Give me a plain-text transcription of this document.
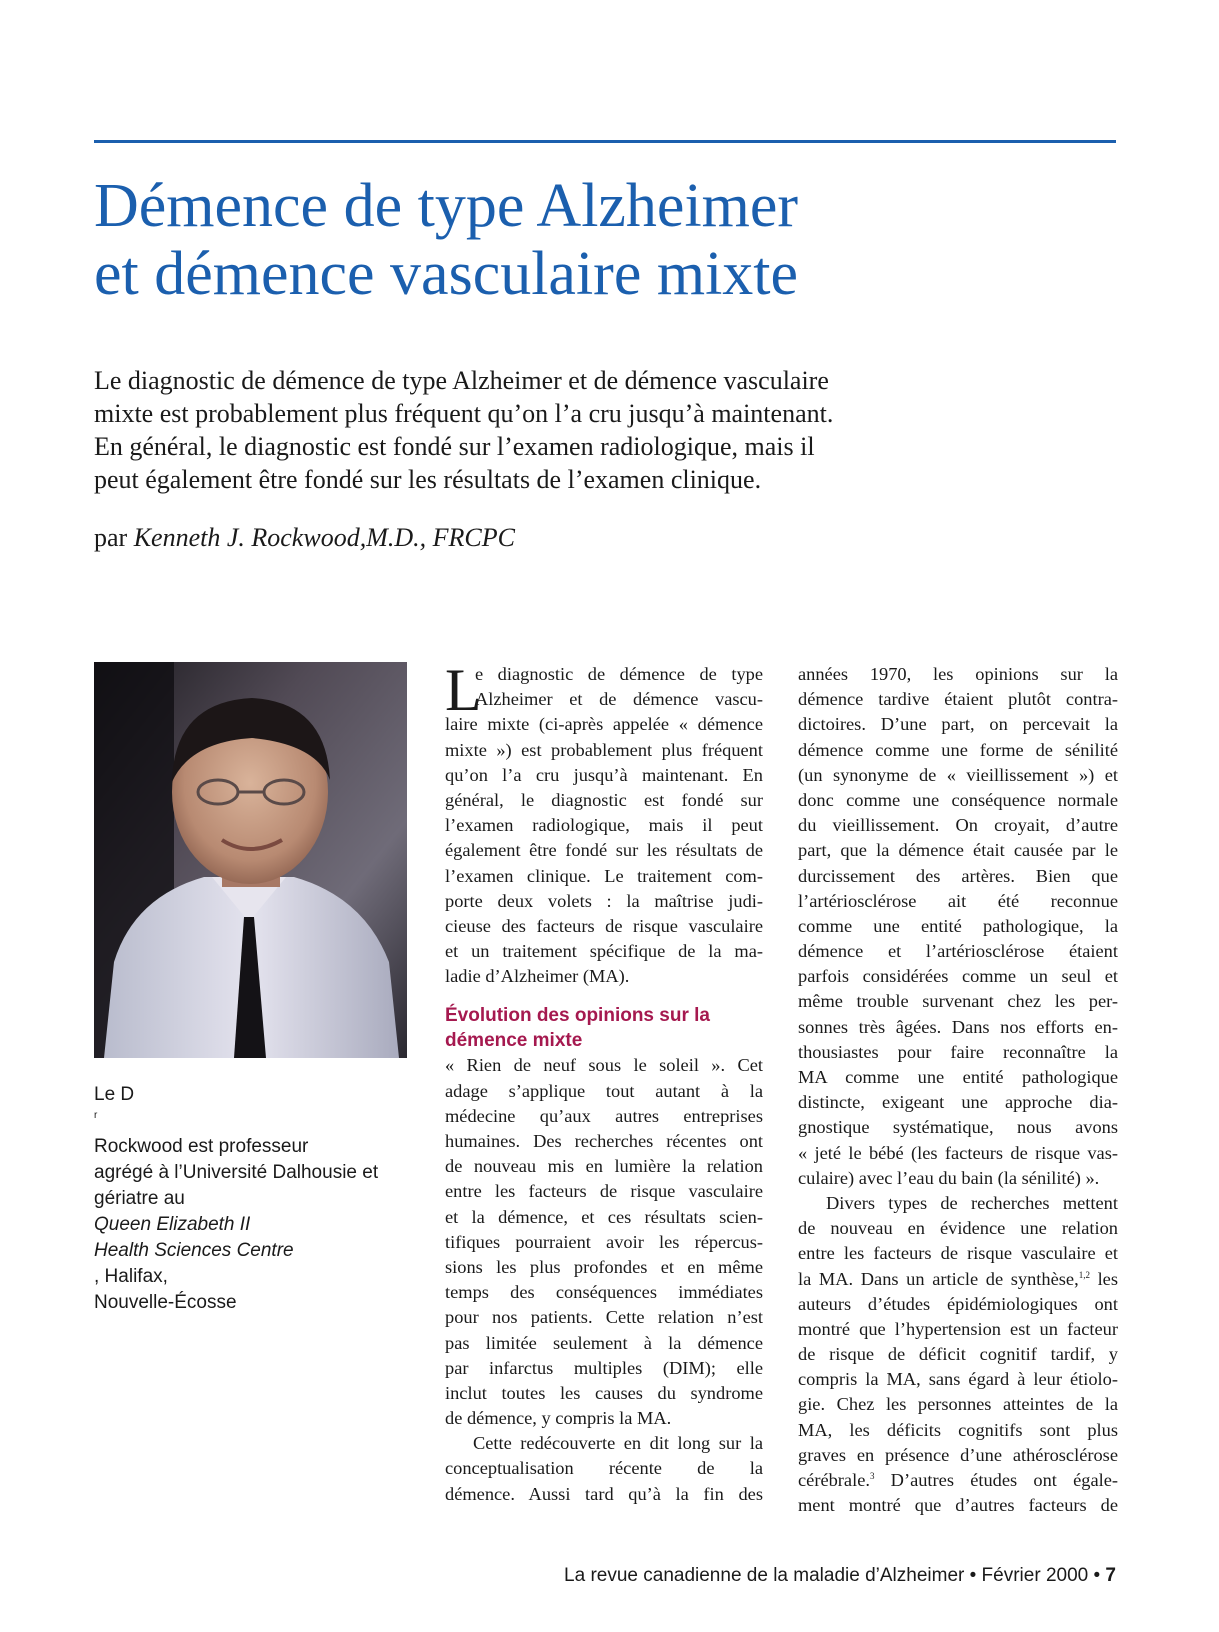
Démence de type Alzheimer
et démence vasculaire mixte

Le diagnostic de démence de type Alzheimer et de démence vasculaire
mixte est probablement plus fréquent qu’on l’a cru jusqu’à maintenant.
En général, le diagnostic est fondé sur l’examen radiologique, mais il
peut également être fondé sur les résultats de l’examen clinique.

par Kenneth J. Rockwood,M.D., FRCPC

Le D
$^r$
Rockwood est professeur
agrégé à l’Université Dalhousie et
gériatre au
Queen Elizabeth II
Health Sciences Centre
, Halifax,
Nouvelle-Écosse

L
e diagnostic de démence de type
Alzheimer et de démence vascu-
laire mixte (ci-après appelée « démence
mixte ») est probablement plus fréquent
qu’on l’a cru jusqu’à maintenant. En
général, le diagnostic est fondé sur
l’examen radiologique, mais il peut
également être fondé sur les résultats de
l’examen clinique. Le traitement com-
porte deux volets : la maîtrise judi-
cieuse des facteurs de risque vasculaire
et un traitement spécifique de la ma-
ladie d’Alzheimer (MA).
Évolution des opinions sur la
démence mixte
« Rien de neuf sous le soleil ». Cet
adage s’applique tout autant à la
médecine qu’aux autres entreprises
humaines. Des recherches récentes ont
de nouveau mis en lumière la relation
entre les facteurs de risque vasculaire
et la démence, et ces résultats scien-
tifiques pourraient avoir les répercus-
sions les plus profondes et en même
temps des conséquences immédiates
pour nos patients. Cette relation n’est
pas limitée seulement à la démence
par infarctus multiples (DIM); elle
inclut toutes les causes du syndrome
de démence, y compris la MA.
Cette redécouverte en dit long sur la
conceptualisation récente de la
démence. Aussi tard qu’à la fin des
années 1970, les opinions sur la
démence tardive étaient plutôt contra-
dictoires. D’une part, on percevait la
démence comme une forme de sénilité
(un synonyme de « vieillissement ») et
donc comme une conséquence normale
du vieillissement. On croyait, d’autre
part, que la démence était causée par le
durcissement des artères. Bien que
l’artériosclérose ait été reconnue
comme une entité pathologique, la
démence et l’artériosclérose étaient
parfois considérées comme un seul et
même trouble survenant chez les per-
sonnes très âgées. Dans nos efforts en-
thousiastes pour faire reconnaître la
MA comme une entité pathologique
distincte, exigeant une approche dia-
gnostique systématique, nous avons
« jeté le bébé (les facteurs de risque vas-
culaire) avec l’eau du bain (la sénilité) ».
Divers types de recherches mettent
de nouveau en évidence une relation
entre les facteurs de risque vasculaire et
la MA. Dans un article de synthèse,$^{1,2}$ les
auteurs d’études épidémiologiques ont
montré que l’hypertension est un facteur
de risque de déficit cognitif tardif, y
compris la MA, sans égard à leur étiolo-
gie. Chez les personnes atteintes de la
MA, les déficits cognitifs sont plus
graves en présence d’une athérosclérose
cérébrale.$^3$ D’autres études ont égale-
ment montré que d’autres facteurs de
La revue canadienne de la maladie d’Alzheimer • Février 2000 • 7
